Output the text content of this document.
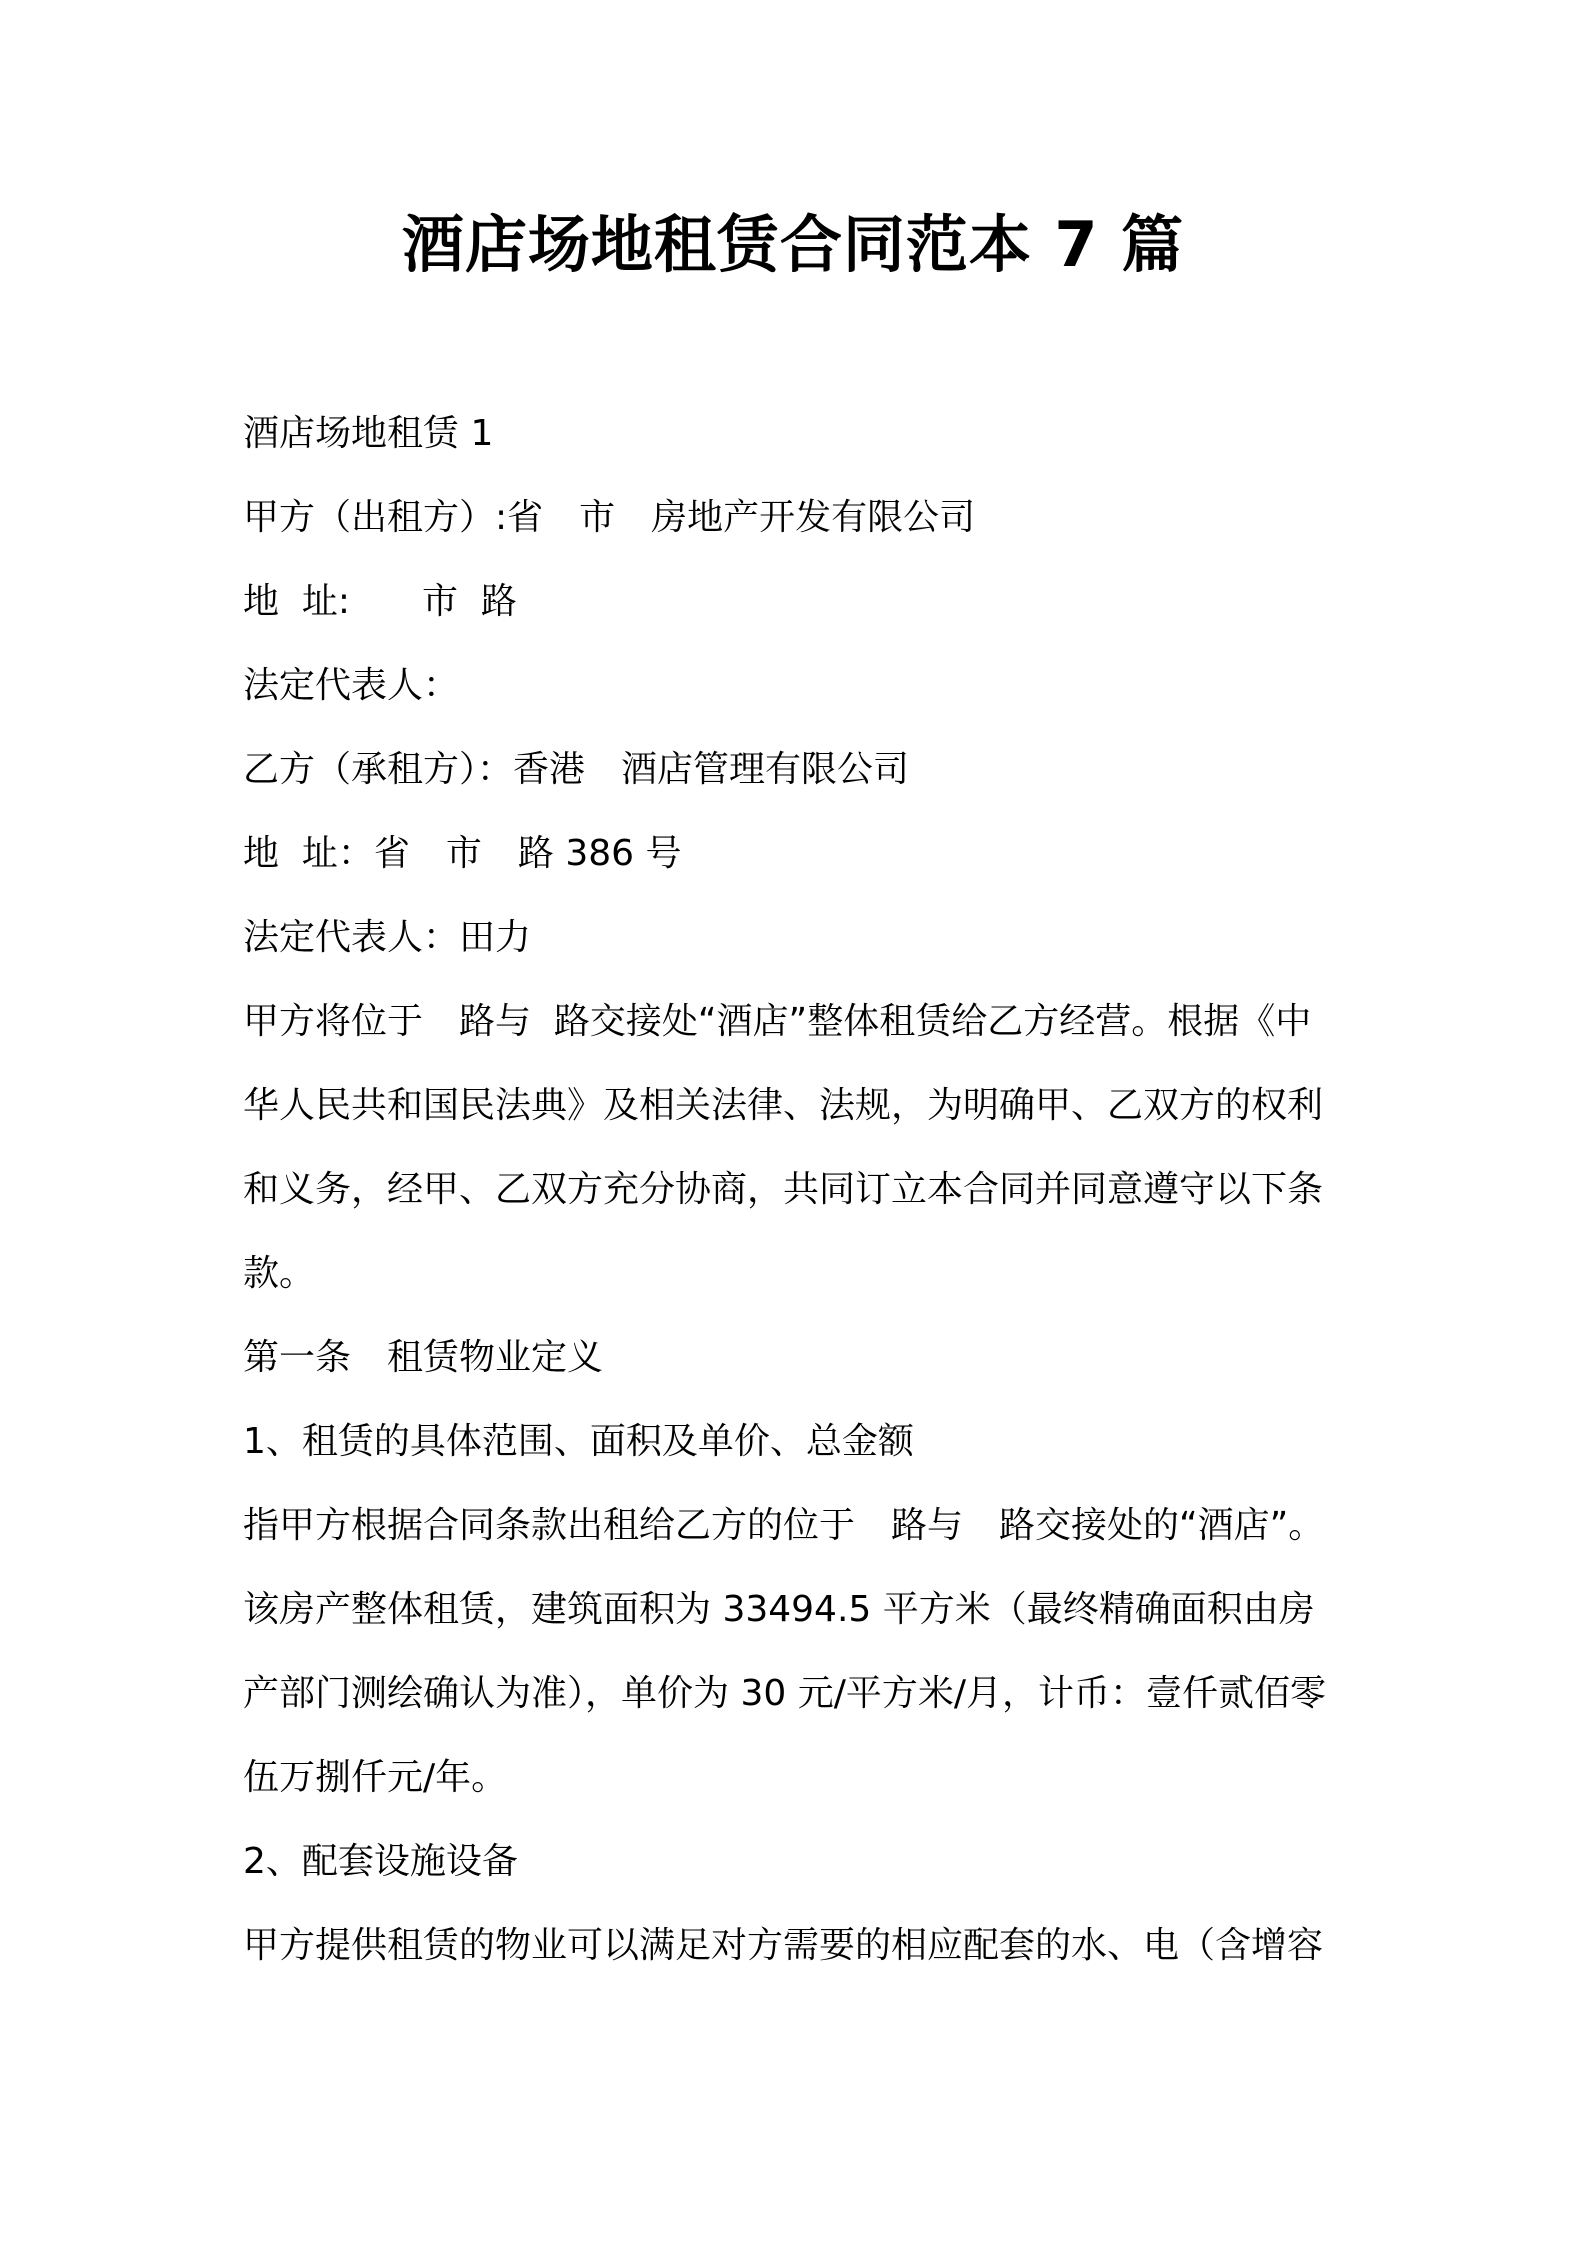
酒店场地租赁合同范本 7 篇
酒店场地租赁 1
甲方（出租方）:省　市　房地产开发有限公司
地  址:　　市  路
法定代表人：
乙方（承租方）：香港　酒店管理有限公司
地  址：省　市　路 386 号
法定代表人：田力
甲方将位于　路与  路交接处“酒店”整体租赁给乙方经营。根据《中
华人民共和国民法典》及相关法律、法规，为明确甲、乙双方的权利
和义务，经甲、乙双方充分协商，共同订立本合同并同意遵守以下条
款。
第一条　租赁物业定义
1、租赁的具体范围、面积及单价、总金额
指甲方根据合同条款出租给乙方的位于　路与　路交接处的“酒店”。
该房产整体租赁，建筑面积为 33494.5 平方米（最终精确面积由房
产部门测绘确认为准），单价为 30 元/平方米/月，计币：壹仟贰佰零
伍万捌仟元/年。
2、配套设施设备
甲方提供租赁的物业可以满足对方需要的相应配套的水、电（含增容
